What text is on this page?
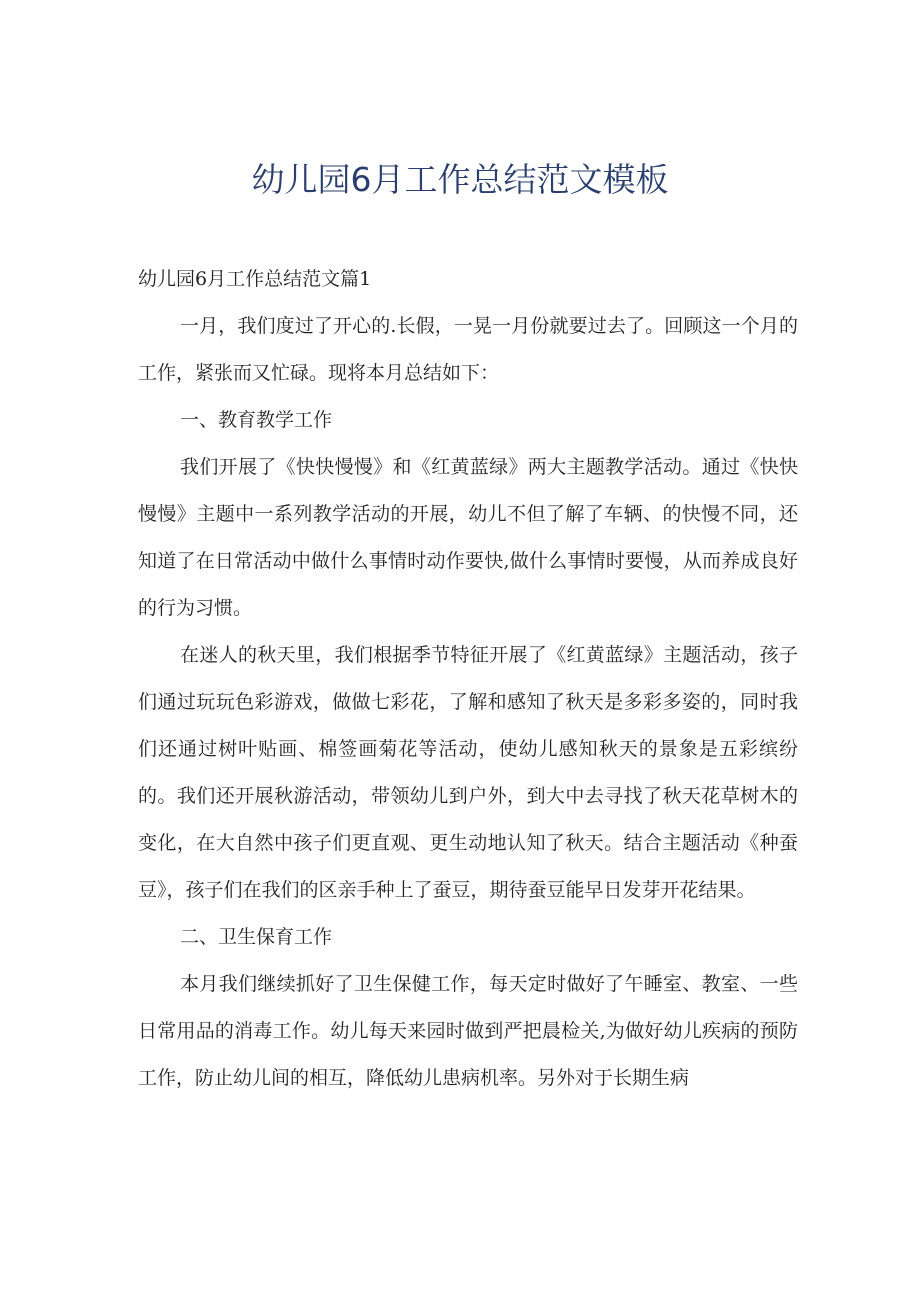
幼儿园6月工作总结范文模板
幼儿园6月工作总结范文篇1
一月，我们度过了开心的.长假，一晃一月份就要过去了。回顾这一个月的工作，紧张而又忙碌。现将本月总结如下：
一、教育教学工作
我们开展了《快快慢慢》和《红黄蓝绿》两大主题教学活动。通过《快快慢慢》主题中一系列教学活动的开展，幼儿不但了解了车辆、的快慢不同，还知道了在日常活动中做什么事情时动作要快,做什么事情时要慢，从而养成良好的行为习惯。
在迷人的秋天里，我们根据季节特征开展了《红黄蓝绿》主题活动，孩子们通过玩玩色彩游戏，做做七彩花，了解和感知了秋天是多彩多姿的，同时我们还通过树叶贴画、棉签画菊花等活动，使幼儿感知秋天的景象是五彩缤纷的。我们还开展秋游活动，带领幼儿到户外，到大中去寻找了秋天花草树木的变化，在大自然中孩子们更直观、更生动地认知了秋天。结合主题活动《种蚕豆》，孩子们在我们的区亲手种上了蚕豆，期待蚕豆能早日发芽开花结果。
二、卫生保育工作
本月我们继续抓好了卫生保健工作，每天定时做好了午睡室、教室、一些日常用品的消毒工作。幼儿每天来园时做到严把晨检关,为做好幼儿疾病的预防工作，防止幼儿间的相互，降低幼儿患病机率。另外对于长期生病
